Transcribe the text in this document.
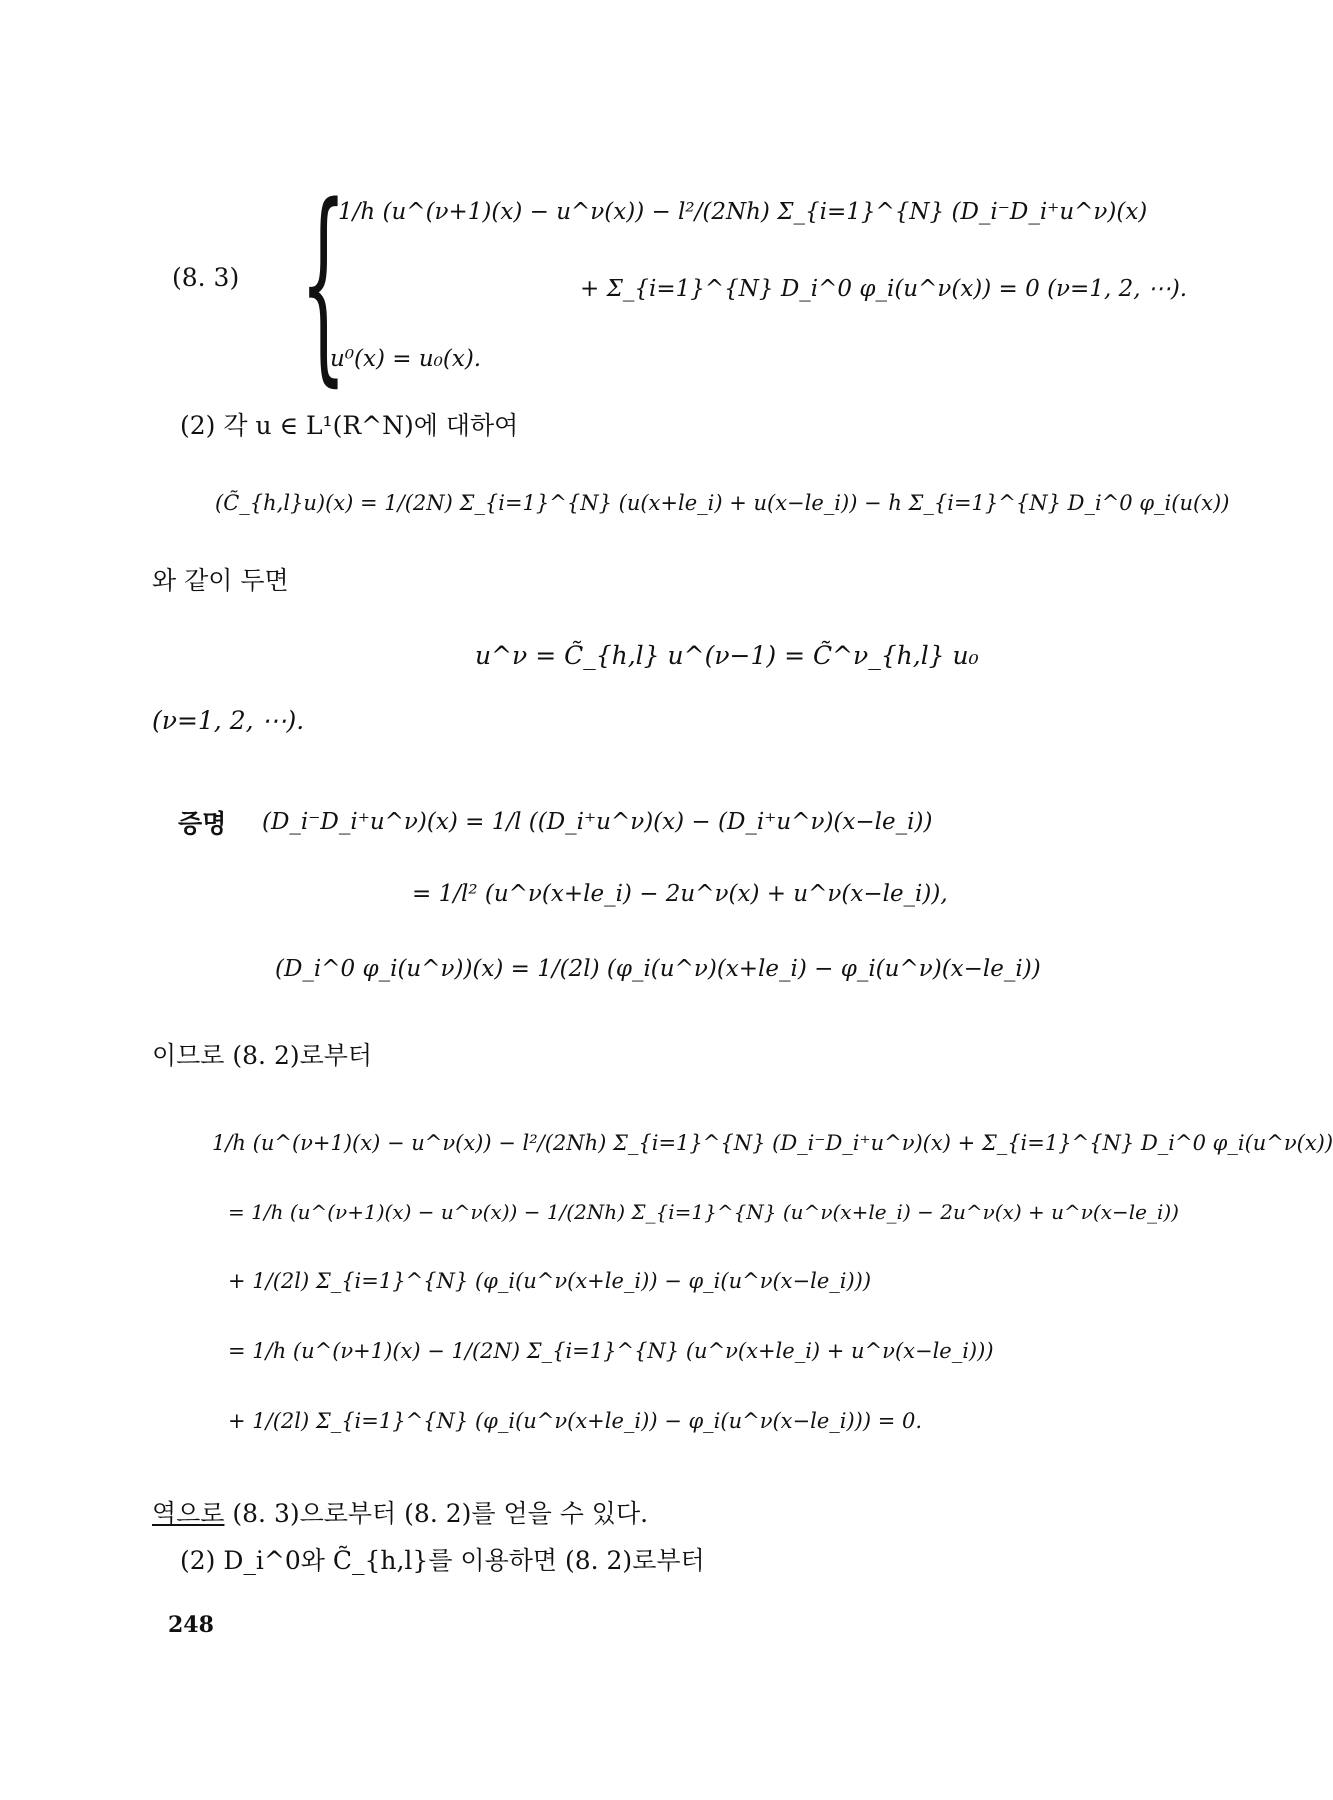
(8. 3) {
1/h (u^(ν+1)(x) − u^ν(x)) − l²/(2Nh) Σ_{i=1}^{N} (D_i⁻D_i⁺u^ν)(x)
+ Σ_{i=1}^{N} D_i^0 φ_i(u^ν(x)) = 0 (ν=1, 2, ⋯).
u⁰(x) = u₀(x).
(2) 각 u ∈ L¹(R^N)에 대하여
(C̃_{h,l}u)(x) = 1/(2N) Σ_{i=1}^{N} (u(x+le_i) + u(x−le_i)) − h Σ_{i=1}^{N} D_i^0 φ_i(u(x))
와 같이 두면
u^ν = C̃_{h,l} u^(ν−1) = C̃^ν_{h,l} u₀
(ν=1, 2, ⋯).
증명 (D_i⁻D_i⁺u^ν)(x) = 1/l ((D_i⁺u^ν)(x) − (D_i⁺u^ν)(x−le_i))
= 1/l² (u^ν(x+le_i) − 2u^ν(x) + u^ν(x−le_i)),
(D_i^0 φ_i(u^ν))(x) = 1/(2l) (φ_i(u^ν)(x+le_i) − φ_i(u^ν)(x−le_i))
이므로 (8. 2)로부터
1/h (u^(ν+1)(x) − u^ν(x)) − l²/(2Nh) Σ_{i=1}^{N} (D_i⁻D_i⁺u^ν)(x) + Σ_{i=1}^{N} D_i^0 φ_i(u^ν(x))
= 1/h (u^(ν+1)(x) − u^ν(x)) − 1/(2Nh) Σ_{i=1}^{N} (u^ν(x+le_i) − 2u^ν(x) + u^ν(x−le_i))
+ 1/(2l) Σ_{i=1}^{N} (φ_i(u^ν(x+le_i)) − φ_i(u^ν(x−le_i)))
= 1/h (u^(ν+1)(x) − 1/(2N) Σ_{i=1}^{N} (u^ν(x+le_i) + u^ν(x−le_i)))
+ 1/(2l) Σ_{i=1}^{N} (φ_i(u^ν(x+le_i)) − φ_i(u^ν(x−le_i))) = 0.
역으로 (8. 3)으로부터 (8. 2)를 얻을 수 있다.
(2) D_i^0와 C̃_{h,l}를 이용하면 (8. 2)로부터
248
